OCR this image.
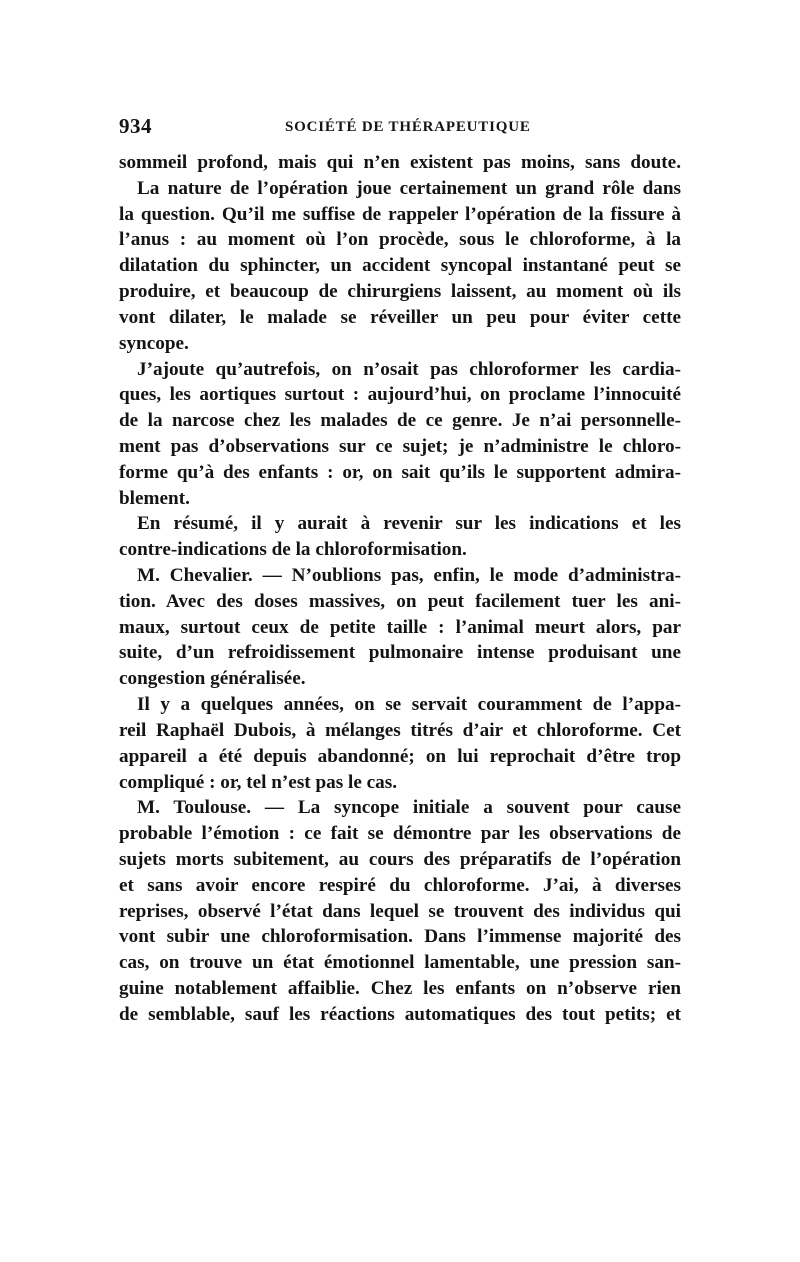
934	SOCIÉTÉ DE THÉRAPEUTIQUE
sommeil profond, mais qui n’en existent pas moins, sans doute.
La nature de l’opération joue certainement un grand rôle dans
la question. Qu’il me suffise de rappeler l’opération de la fissure à
l’anus : au moment où l’on procède, sous le chloroforme, à la
dilatation du sphincter, un accident syncopal instantané peut se
produire, et beaucoup de chirurgiens laissent, au moment où ils
vont dilater, le malade se réveiller un peu pour éviter cette
syncope.
J’ajoute qu’autrefois, on n’osait pas chloroformer les cardia-
ques, les aortiques surtout : aujourd’hui, on proclame l’innocuité
de la narcose chez les malades de ce genre. Je n’ai personnelle-
ment pas d’observations sur ce sujet; je n’administre le chloro-
forme qu’à des enfants : or, on sait qu’ils le supportent admira-
blement.
En résumé, il y aurait à revenir sur les indications et les
contre-indications de la chloroformisation.
M. Chevalier. — N’oublions pas, enfin, le mode d’administra-
tion. Avec des doses massives, on peut facilement tuer les ani-
maux, surtout ceux de petite taille : l’animal meurt alors, par
suite, d’un refroidissement pulmonaire intense produisant une
congestion généralisée.
Il y a quelques années, on se servait couramment de l’appa-
reil Raphaël Dubois, à mélanges titrés d’air et chloroforme. Cet
appareil a été depuis abandonné; on lui reprochait d’être trop
compliqué : or, tel n’est pas le cas.
M. Toulouse. — La syncope initiale a souvent pour cause
probable l’émotion : ce fait se démontre par les observations de
sujets morts subitement, au cours des préparatifs de l’opération
et sans avoir encore respiré du chloroforme. J’ai, à diverses
reprises, observé l’état dans lequel se trouvent des individus qui
vont subir une chloroformisation. Dans l’immense majorité des
cas, on trouve un état émotionnel lamentable, une pression san-
guine notablement affaiblie. Chez les enfants on n’observe rien
de semblable, sauf les réactions automatiques des tout petits; et
